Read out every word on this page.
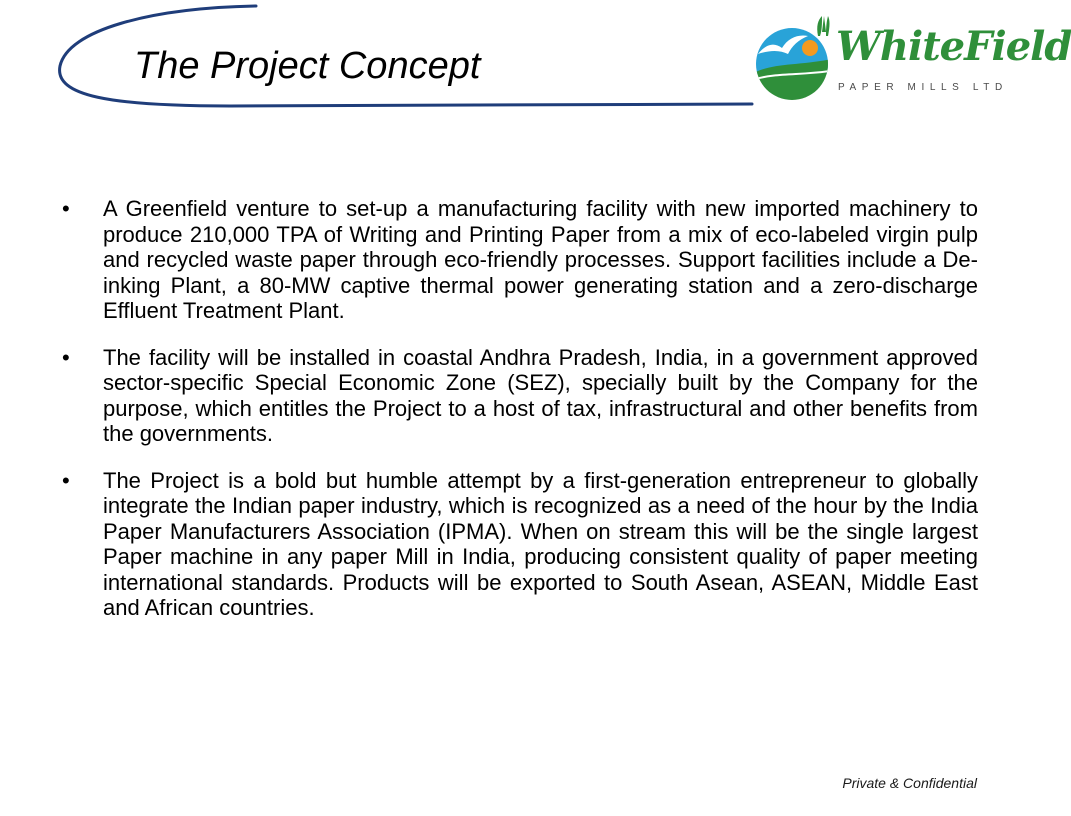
The Project Concept	WhiteField
PAPER MILLS LTD
• A Greenfield venture to set-up a manufacturing facility with new imported machinery to produce 210,000 TPA of Writing and Printing Paper from a mix of eco-labeled virgin pulp and recycled waste paper through eco-friendly processes. Support facilities include a De-inking Plant, a 80-MW captive thermal power generating station and a zero-discharge Effluent Treatment Plant.
• The facility will be installed in coastal Andhra Pradesh, India, in a government approved sector-specific Special Economic Zone (SEZ), specially built by the Company for the purpose, which entitles the Project to a host of tax, infrastructural and other benefits from the governments.
• The Project is a bold but humble attempt by a first-generation entrepreneur to globally integrate the Indian paper industry, which is recognized as a need of the hour by the India Paper Manufacturers Association (IPMA). When on stream this will be the single largest Paper machine in any paper Mill in India, producing consistent quality of paper meeting international standards. Products will be exported to South Asean, ASEAN, Middle East and African countries.
Private & Confidential
